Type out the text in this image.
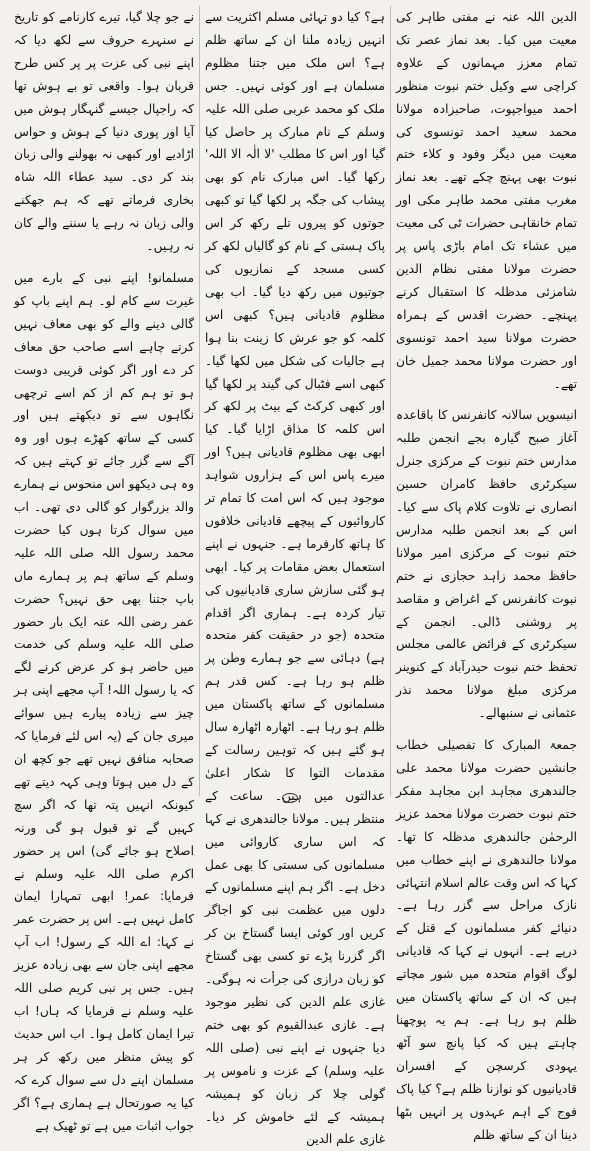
الدین اللہ عنہ نے مفتی طاہر کی معیت میں کیا۔ بعد نماز عصر تک تمام معزز مہمانوں کے علاوہ کراچی سے وکیل ختم نبوت منظور احمد میواجپوت، صاحبزادہ مولانا محمد سعید احمد تونسوی کی معیت میں دیگر وفود و کلاء ختم نبوت بھی پہنچ چکے تھے۔ بعد نماز مغرب مفتی محمد طاہر مکی اور تمام خانقاہی حضرات ٹی کی معیت میں عشاء تک امام باڑی پاس پر حضرت مولانا مفتی نظام الدین شامزئی مدظلہ کا استقبال کرنے پہنچے۔ حضرت اقدس کے ہمراہ حضرت مولانا سید احمد تونسوی اور حضرت مولانا محمد جمیل خان تھے۔

انیسویں سالانہ کانفرنس کا باقاعدہ آغاز صبح گیارہ بجے انجمن طلبہ مدارس ختم نبوت کے مرکزی جنرل سیکرٹری حافظ کامران حسین انصاری نے تلاوت کلام پاک سے کیا۔ اس کے بعد انجمن طلبہ مدارس ختم نبوت کے مرکزی امیر مولانا حافظ محمد زاہد حجازی نے ختم نبوت کانفرنس کے اغراض و مقاصد پر روشنی ڈالی۔ انجمن کے سیکرٹری کے فرائض عالمی مجلس تحفظ ختم نبوت حیدرآباد کے کنوینر مرکزی مبلغ مولانا محمد نذر عثمانی نے سنبھالے۔

جمعۃ المبارک کا تفصیلی خطاب جانشین حضرت مولانا محمد علی جالندھری مجاہد ابن مجاہد مفکر ختم نبوت حضرت مولانا محمد عزیز الرحمٰن جالندھری مدظلہ کا تھا۔ مولانا جالندھری نے اپنے خطاب میں کہا کہ اس وقت عالم اسلام انتہائی نازک مراحل سے گزر رہا ہے۔ دنیائے کفر مسلمانوں کے قتل کے درپے ہے۔ انہوں نے کہا کہ قادیانی لوگ اقوام متحدہ میں شور مچاتے ہیں کہ ان کے ساتھ پاکستان میں ظلم ہو رہا ہے۔ ہم یہ پوچھنا چاہتے ہیں کہ کیا پانچ سو آٹھ یہودی کرسچن کے افسران قادیانیوں کو نوازنا ظلم ہے؟ کیا پاک فوج کے اہم عہدوں پر انہیں بٹھا دینا ان کے ساتھ ظلم

ہے؟ کیا دو تہائی مسلم اکثریت سے انہیں زیادہ ملنا ان کے ساتھ ظلم ہے؟ اس ملک میں جتنا مظلوم مسلمان ہے اور کوئی نہیں۔ جس ملک کو محمد عربی صلی اللہ علیہ وسلم کے نام مبارک پر حاصل کیا گیا اور اس کا مطلب 'لا الٰہ الا اللہ' رکھا گیا۔ اس مبارک نام کو بھی پیشاب کی جگہ پر لکھا گیا تو کبھی جوتوں کو پیروں تلے رکھ کر اس پاک ہستی کے نام کو گالیاں لکھ کر کسی مسجد کے نمازیوں کی جوتیوں میں رکھ دیا گیا۔ اب بھی مظلوم قادیانی ہیں؟ کبھی اس کلمہ کو جو عرش کا زینت بنا ہوا ہے جالیات کی شکل میں لکھا گیا۔ کبھی اسے فٹبال کی گیند پر لکھا گیا اور کبھی کرکٹ کے بیٹ پر لکھ کر اس کلمہ کا مذاق اڑایا گیا۔ کیا ابھی بھی مظلوم قادیانی ہیں؟ اور میرے پاس اس کے ہزاروں شواہد موجود ہیں کہ اس امت کا تمام تر کاروائیوں کے پیچھے قادیانی خلافوں کا ہاتھ کارفرما ہے۔ جنہوں نے اپنے استعمال بعض مقامات پر کیا۔ ابھی ہو گئی سازش ساری قادیانیوں کی تیار کردہ ہے۔ ہماری اگر اقدام متحدہ (جو در حقیقت کفر متحدہ ہے) دہائی سے جو ہمارے وطن پر ظلم ہو رہا ہے۔ کس قدر ہم مسلمانوں کے ساتھ پاکستان میں ظلم ہو رہا ہے۔ اٹھارہ اٹھارہ سال ہو گئے ہیں کہ توہین رسالت کے مقدمات التوا کا شکار اعلیٰ عدالتوں میں ہیں۔ ساعت کے منتظر ہیں۔ مولانا جالندھری نے کہا کہ اس ساری کاروائی میں مسلمانوں کی سستی کا بھی عمل دخل ہے۔ اگر ہم اپنے مسلمانوں کے دلوں میں عظمت نبی کو اجاگر کریں اور کوئی ایسا گستاخ بن کر اگر گزرنا پڑے تو کسی بھی گستاخ کو زبان درازی کی جرأت نہ ہوگی۔ غازی علم الدین کی نظیر موجود ہے۔ غازی عبدالقیوم کو بھی ختم دیا جنہوں نے اپنے نبی (صلی اللہ علیہ وسلم) کے عزت و ناموس پر گولی چلا کر زبان کو ہمیشہ ہمیشہ کے لئے خاموش کر دیا۔ غازی علم الدین

نے جو چلا گیا، تیرے کارنامے کو تاریخ نے سنہرے حروف سے لکھ دیا کہ اپنے نبی کی عزت پر پر کس طرح قربان ہوا۔ واقعی تو بے ہوش تھا کہ راجپال جیسے گنہگار ہوش میں آیا اور پوری دنیا کے ہوش و حواس اڑادیے اور کبھی نہ بھولنے والی زبان بند کر دی۔ سید عطاء اللہ شاہ بخاری فرماتے تھے کہ ہم جھکنے والی زبان نہ رہے یا سننے والے کان نہ رہیں۔

مسلمانو! اپنے نبی کے بارے میں غیرت سے کام لو۔ ہم اپنے باپ کو گالی دینے والے کو بھی معاف نہیں کرتے چاہے اسے صاحب حق معاف کر دے اور اگر کوئی قریبی دوست ہو تو ہم کم از کم اسے ترچھی نگاہوں سے تو دیکھتے ہیں اور کسی کے ساتھ کھڑے ہوں اور وہ آگے سے گزر جائے تو کہتے ہیں کہ وہ ہی دیکھو اس منحوس نے ہمارے والد بزرگوار کو گالی دی تھی۔ اب میں سوال کرتا ہوں کیا حضرت محمد رسول اللہ صلی اللہ علیہ وسلم کے ساتھ ہم پر ہمارے ماں باپ جتنا بھی حق نہیں؟ حضرت عمر رضی اللہ عنہ ایک بار حضور صلی اللہ علیہ وسلم کی خدمت میں حاضر ہو کر عرض کرنے لگے کہ یا رسول اللہ! آپ مجھے اپنی ہر چیز سے زیادہ پیارے ہیں سوائے میری جان کے (یہ اس لئے فرمایا کہ صحابہ منافق نہیں تھے جو کچھ ان کے دل میں ہوتا وہی کہہ دیتے تھے کیونکہ انہیں پتہ تھا کہ اگر سچ کہیں گے تو قبول ہو گی ورنہ اصلاح ہو جائے گی) اس پر حضور اکرم صلی اللہ علیہ وسلم نے فرمایا: عمر! ابھی تمہارا ایمان کامل نہیں ہے۔ اس پر حضرت عمر نے کہا: اے اللہ کے رسول! اب آپ مجھے اپنی جان سے بھی زیادہ عزیز ہیں۔ جس پر نبی کریم صلی اللہ علیہ وسلم نے فرمایا کہ ہاں! اب تیرا ایمان کامل ہوا۔ اب اس حدیث کو پیش منظر میں رکھ کر ہر مسلمان اپنے دل سے سوال کرے کہ کیا یہ صورتحال ہے ہماری ہے؟ اگر جواب اثبات میں ہے تو ٹھیک ہے
